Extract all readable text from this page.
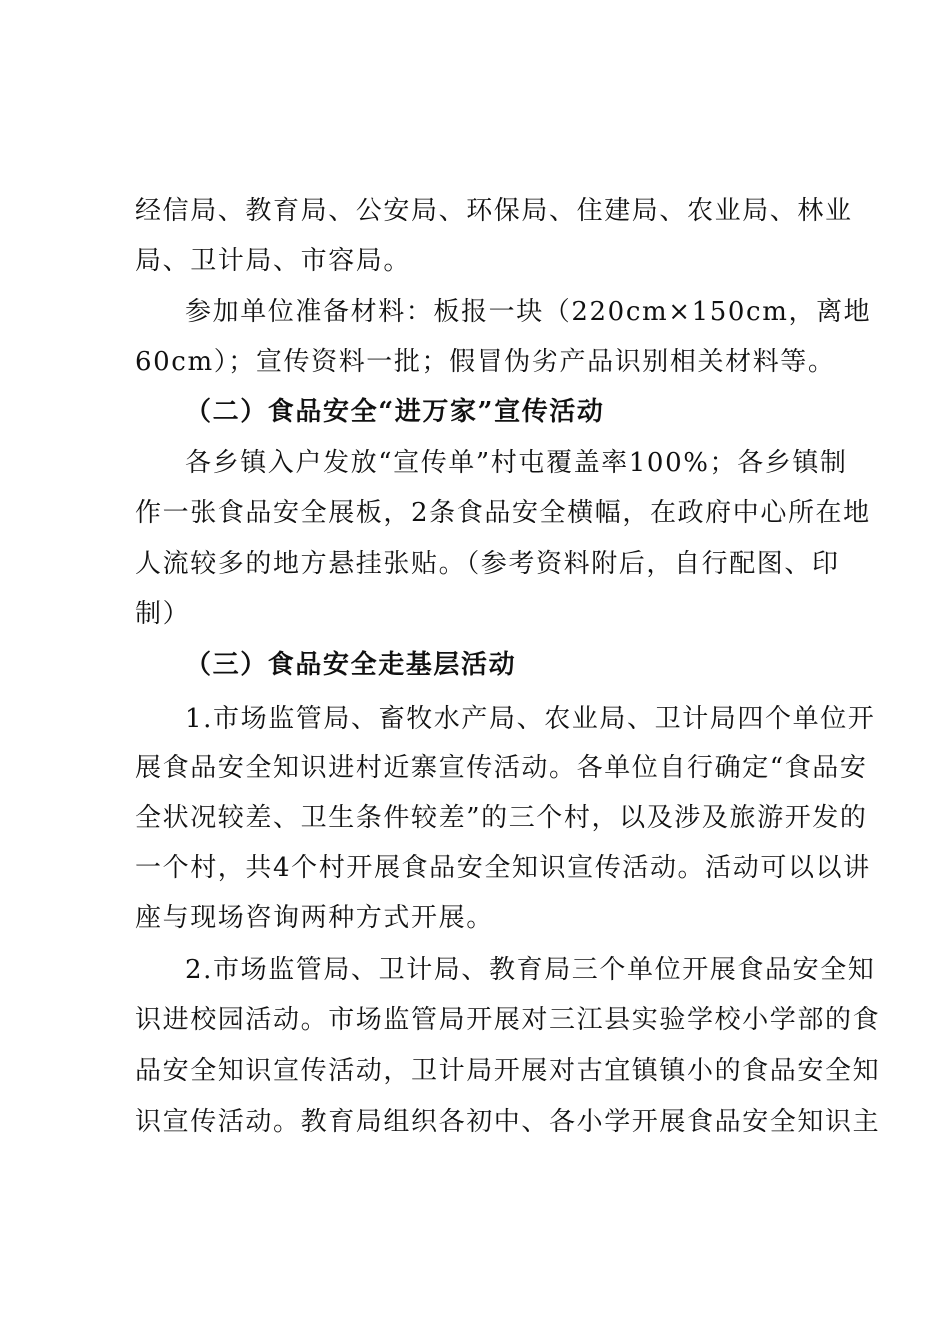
经信局、教育局、公安局、环保局、住建局、农业局、林业
局、卫计局、市容局。
参加单位准备材料：板报一块（220cm×150cm，离地
60cm）；宣传资料一批；假冒伪劣产品识别相关材料等。
（二）食品安全“进万家”宣传活动
各乡镇入户发放“宣传单”村屯覆盖率100%；各乡镇制
作一张食品安全展板，2条食品安全横幅，在政府中心所在地
人流较多的地方悬挂张贴。（参考资料附后，自行配图、印
制）
（三）食品安全走基层活动
1.市场监管局、畜牧水产局、农业局、卫计局四个单位开
展食品安全知识进村近寨宣传活动。各单位自行确定“食品安
全状况较差、卫生条件较差”的三个村，以及涉及旅游开发的
一个村，共4个村开展食品安全知识宣传活动。活动可以以讲
座与现场咨询两种方式开展。
2.市场监管局、卫计局、教育局三个单位开展食品安全知
识进校园活动。市场监管局开展对三江县实验学校小学部的食
品安全知识宣传活动，卫计局开展对古宜镇镇小的食品安全知
识宣传活动。教育局组织各初中、各小学开展食品安全知识主
